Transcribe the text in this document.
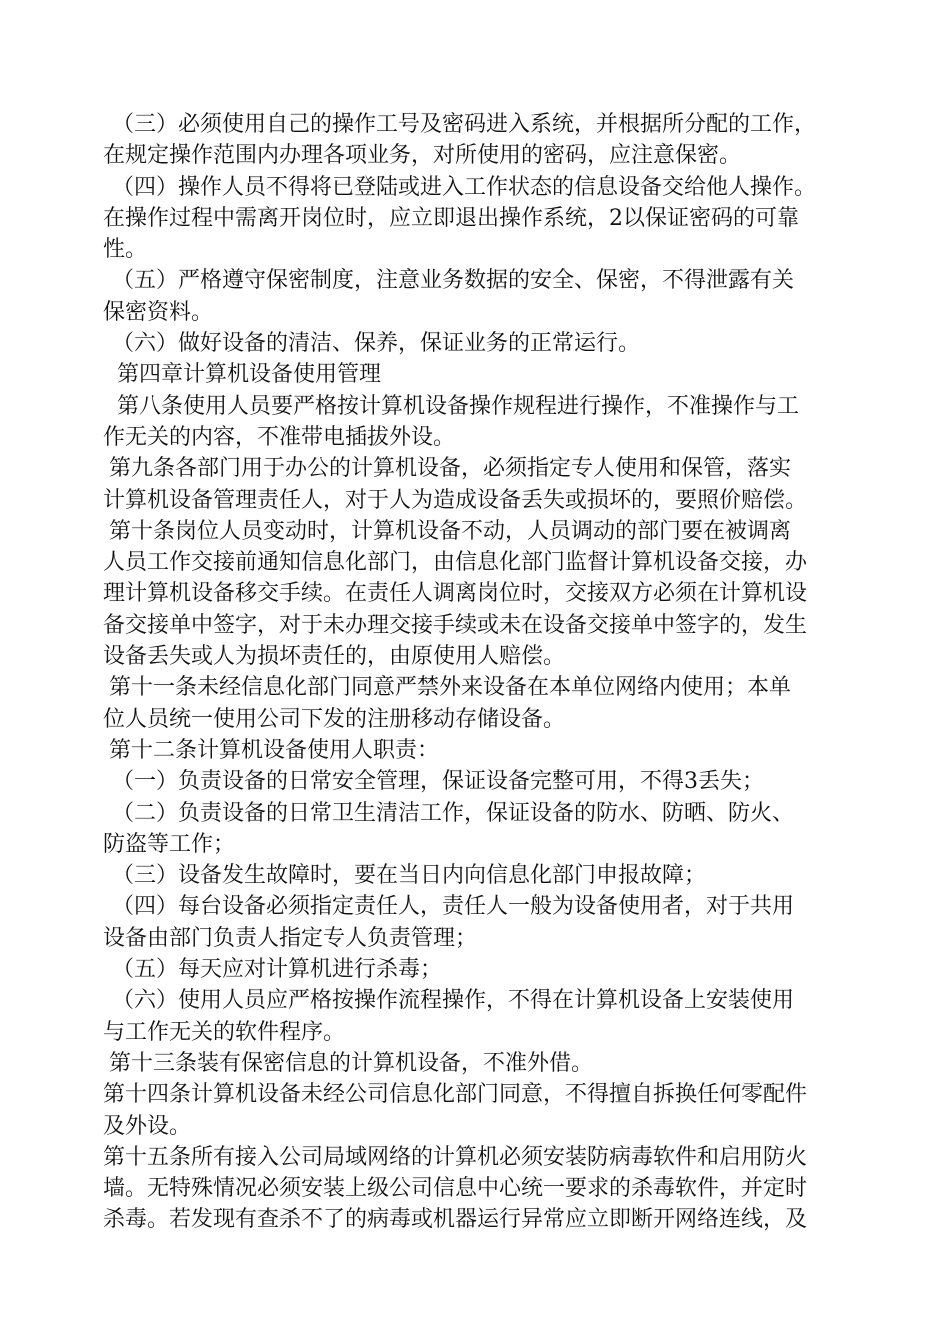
（三）必须使用自己的操作工号及密码进入系统，并根据所分配的工作，
在规定操作范围内办理各项业务，对所使用的密码，应注意保密。
（四）操作人员不得将已登陆或进入工作状态的信息设备交给他人操作。
在操作过程中需离开岗位时，应立即退出操作系统，2以保证密码的可靠
性。
（五）严格遵守保密制度，注意业务数据的安全、保密，不得泄露有关
保密资料。
（六）做好设备的清洁、保养，保证业务的正常运行。
第四章计算机设备使用管理
第八条使用人员要严格按计算机设备操作规程进行操作，不准操作与工
作无关的内容，不准带电插拔外设。
第九条各部门用于办公的计算机设备，必须指定专人使用和保管，落实
计算机设备管理责任人，对于人为造成设备丢失或损坏的，要照价赔偿。
第十条岗位人员变动时，计算机设备不动，人员调动的部门要在被调离
人员工作交接前通知信息化部门，由信息化部门监督计算机设备交接，办
理计算机设备移交手续。在责任人调离岗位时，交接双方必须在计算机设
备交接单中签字，对于未办理交接手续或未在设备交接单中签字的，发生
设备丢失或人为损坏责任的，由原使用人赔偿。
第十一条未经信息化部门同意严禁外来设备在本单位网络内使用；本单
位人员统一使用公司下发的注册移动存储设备。
第十二条计算机设备使用人职责：
（一）负责设备的日常安全管理，保证设备完整可用，不得3丢失；
（二）负责设备的日常卫生清洁工作，保证设备的防水、防晒、防火、
防盗等工作；
（三）设备发生故障时，要在当日内向信息化部门申报故障；
（四）每台设备必须指定责任人，责任人一般为设备使用者，对于共用
设备由部门负责人指定专人负责管理；
（五）每天应对计算机进行杀毒；
（六）使用人员应严格按操作流程操作，不得在计算机设备上安装使用
与工作无关的软件程序。
第十三条装有保密信息的计算机设备，不准外借。
第十四条计算机设备未经公司信息化部门同意，不得擅自拆换任何零配件
及外设。
第十五条所有接入公司局域网络的计算机必须安装防病毒软件和启用防火
墙。无特殊情况必须安装上级公司信息中心统一要求的杀毒软件，并定时
杀毒。若发现有查杀不了的病毒或机器运行异常应立即断开网络连线，及
